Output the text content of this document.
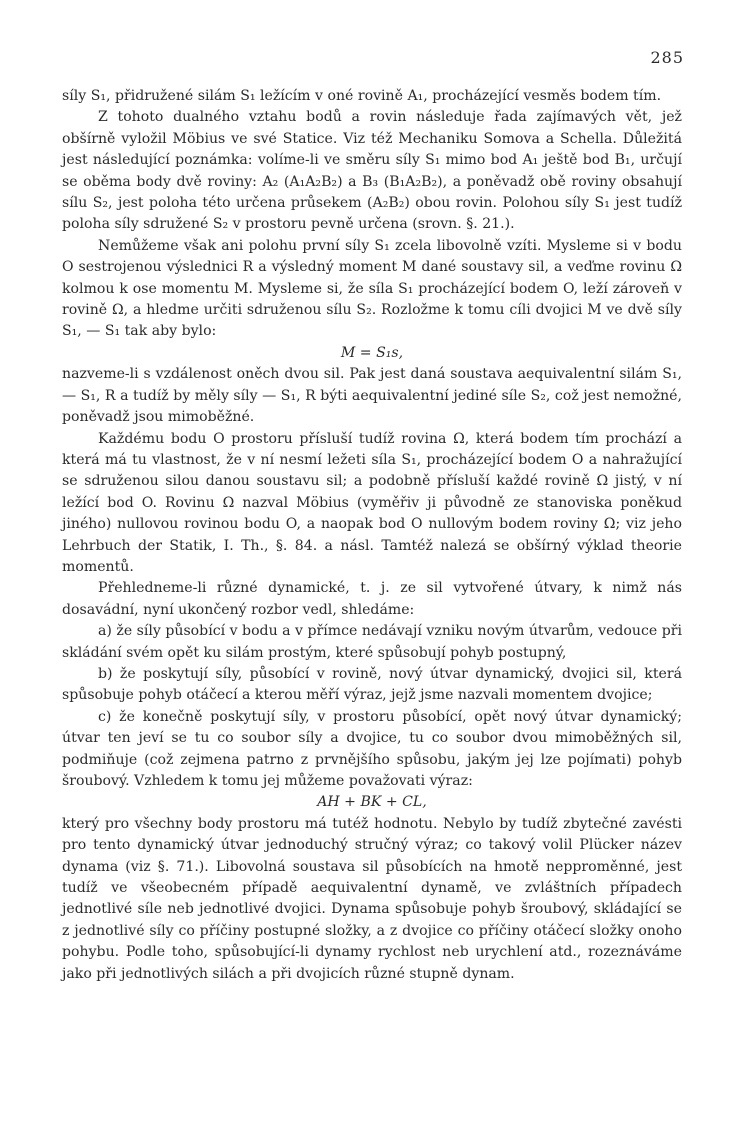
285

síly S₁, přidružené silám S₁ ležícím v oné rovině A₁, procházející vesměs bodem tím.

Z tohoto dualného vztahu bodů a rovin následuje řada zajímavých vět, jež obšírně vyložil Möbius ve své Statice. Viz též Mechaniku Somova a Schella. Důležitá jest následující poznámka: volíme-li ve směru síly S₁ mimo bod A₁ ještě bod B₁, určují se oběma body dvě roviny: A₂ (A₁A₂B₂) a B₃ (B₁A₂B₂), a poněvadž obě roviny obsahují sílu S₂, jest poloha této určena průsekem (A₂B₂) obou rovin. Polohou síly S₁ jest tudíž poloha síly sdružené S₂ v prostoru pevně určena (srovn. §. 21.).

Nemůžeme však ani polohu první síly S₁ zcela libovolně vzíti. Mysleme si v bodu O sestrojenou výslednici R a výsledný moment M dané soustavy sil, a veďme rovinu Ω kolmou k ose momentu M. Mysleme si, že síla S₁ procházející bodem O, leží zároveň v rovině Ω, a hledme určiti sdruženou sílu S₂. Rozložme k tomu cíli dvojici M ve dvě síly S₁, — S₁ tak aby bylo:

M = S₁s,

nazveme-li s vzdálenost oněch dvou sil. Pak jest daná soustava aequivalentní silám S₁, — S₁, R a tudíž by měly síly — S₁, R býti aequivalentní jediné síle S₂, což jest nemožné, poněvadž jsou mimoběžné.

Každému bodu O prostoru přísluší tudíž rovina Ω, která bodem tím prochází a která má tu vlastnost, že v ní nesmí ležeti síla S₁, procházející bodem O a nahražující se sdruženou silou danou soustavu sil; a podobně přísluší každé rovině Ω jistý, v ní ležící bod O. Rovinu Ω nazval Möbius (vyměřiv ji původně ze stanoviska poněkud jiného) nullovou rovinou bodu O, a naopak bod O nullovým bodem roviny Ω; viz jeho Lehrbuch der Statik, I. Th., §. 84. a násl. Tamtéž nalezá se obšírný výklad theorie momentů.

Přehledneme-li různé dynamické, t. j. ze sil vytvořené útvary, k nimž nás dosavádní, nyní ukončený rozbor vedl, shledáme:

a) že síly působící v bodu a v přímce nedávají vzniku novým útvarům, vedouce při skládání svém opět ku silám prostým, které spůsobují pohyb postupný,

b) že poskytují síly, působící v rovině, nový útvar dynamický, dvojici sil, která spůsobuje pohyb otáčecí a kterou měří výraz, jejž jsme nazvali momentem dvojice;

c) že konečně poskytují síly, v prostoru působící, opět nový útvar dynamický; útvar ten jeví se tu co soubor síly a dvojice, tu co soubor dvou mimoběžných sil, podmiňuje (což zejmena patrno z prvnějšího spůsobu, jakým jej lze pojímati) pohyb šroubový. Vzhledem k tomu jej můžeme považovati výraz:

AH + BK + CL,

který pro všechny body prostoru má tutéž hodnotu. Nebylo by tudíž zbytečné zavésti pro tento dynamický útvar jednoduchý stručný výraz; co takový volil Plücker název dynama (viz §. 71.). Libovolná soustava sil působících na hmotě nepproměnné, jest tudíž ve všeobecném případě aequivalentní dynamě, ve zvláštních případech jednotlivé síle neb jednotlivé dvojici. Dynama spůsobuje pohyb šroubový, skládající se z jednotlivé síly co příčiny postupné složky, a z dvojice co příčiny otáčecí složky onoho pohybu. Podle toho, spůsobující-li dynamy rychlost neb urychlení atd., rozeznáváme jako při jednotlivých silách a při dvojicích různé stupně dynam.
